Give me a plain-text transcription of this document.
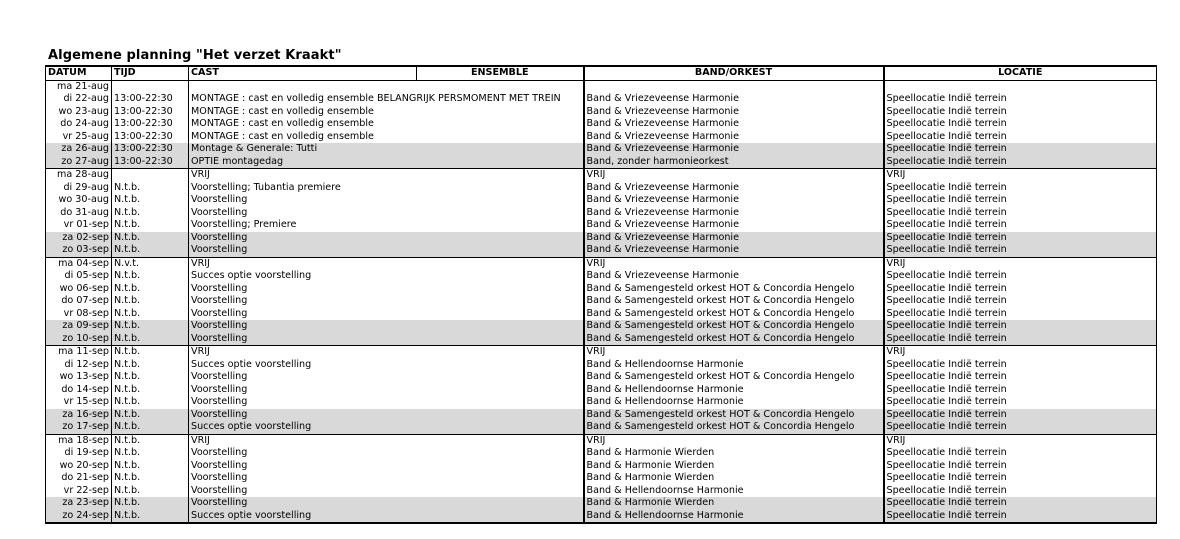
Algemene planning "Het verzet Kraakt"
DATUM	TIJD	CAST	ENSEMBLE	BAND/ORKEST	LOCATIE
ma 21-aug					
di 22-aug	13:00-22:30	MONTAGE : cast en volledig ensemble BELANGRIJK PERSMOMENT MET TREIN		Band & Vriezeveense Harmonie	Speellocatie Indië terrein
wo 23-aug	13:00-22:30	MONTAGE : cast en volledig ensemble		Band & Vriezeveense Harmonie	Speellocatie Indië terrein
do 24-aug	13:00-22:30	MONTAGE : cast en volledig ensemble		Band & Vriezeveense Harmonie	Speellocatie Indië terrein
vr 25-aug	13:00-22:30	MONTAGE : cast en volledig ensemble		Band & Vriezeveense Harmonie	Speellocatie Indië terrein
za 26-aug	13:00-22:30	Montage & Generale: Tutti		Band & Vriezeveense Harmonie	Speellocatie Indië terrein
zo 27-aug	13:00-22:30	OPTIE montagedag		Band, zonder harmonieorkest	Speellocatie Indië terrein
ma 28-aug		VRIJ		VRIJ	VRIJ
di 29-aug	N.t.b.	Voorstelling; Tubantia premiere		Band & Vriezeveense Harmonie	Speellocatie Indië terrein
wo 30-aug	N.t.b.	Voorstelling		Band & Vriezeveense Harmonie	Speellocatie Indië terrein
do 31-aug	N.t.b.	Voorstelling		Band & Vriezeveense Harmonie	Speellocatie Indië terrein
vr 01-sep	N.t.b.	Voorstelling; Premiere		Band & Vriezeveense Harmonie	Speellocatie Indië terrein
za 02-sep	N.t.b.	Voorstelling		Band & Vriezeveense Harmonie	Speellocatie Indië terrein
zo 03-sep	N.t.b.	Voorstelling		Band & Vriezeveense Harmonie	Speellocatie Indië terrein
ma 04-sep	N.v.t.	VRIJ		VRIJ	VRIJ
di 05-sep	N.t.b.	Succes optie voorstelling		Band & Vriezeveense Harmonie	Speellocatie Indië terrein
wo 06-sep	N.t.b.	Voorstelling		Band & Samengesteld orkest HOT & Concordia Hengelo	Speellocatie Indië terrein
do 07-sep	N.t.b.	Voorstelling		Band & Samengesteld orkest HOT & Concordia Hengelo	Speellocatie Indië terrein
vr 08-sep	N.t.b.	Voorstelling		Band & Samengesteld orkest HOT & Concordia Hengelo	Speellocatie Indië terrein
za 09-sep	N.t.b.	Voorstelling		Band & Samengesteld orkest HOT & Concordia Hengelo	Speellocatie Indië terrein
zo 10-sep	N.t.b.	Voorstelling		Band & Samengesteld orkest HOT & Concordia Hengelo	Speellocatie Indië terrein
ma 11-sep	N.t.b.	VRIJ		VRIJ	VRIJ
di 12-sep	N.t.b.	Succes optie voorstelling		Band & Hellendoornse Harmonie	Speellocatie Indië terrein
wo 13-sep	N.t.b.	Voorstelling		Band & Samengesteld orkest HOT & Concordia Hengelo	Speellocatie Indië terrein
do 14-sep	N.t.b.	Voorstelling		Band & Hellendoornse Harmonie	Speellocatie Indië terrein
vr 15-sep	N.t.b.	Voorstelling		Band & Hellendoornse Harmonie	Speellocatie Indië terrein
za 16-sep	N.t.b.	Voorstelling		Band & Samengesteld orkest HOT & Concordia Hengelo	Speellocatie Indië terrein
zo 17-sep	N.t.b.	Succes optie voorstelling		Band & Samengesteld orkest HOT & Concordia Hengelo	Speellocatie Indië terrein
ma 18-sep	N.t.b.	VRIJ		VRIJ	VRIJ
di 19-sep	N.t.b.	Voorstelling		Band & Harmonie Wierden	Speellocatie Indië terrein
wo 20-sep	N.t.b.	Voorstelling		Band & Harmonie Wierden	Speellocatie Indië terrein
do 21-sep	N.t.b.	Voorstelling		Band & Harmonie Wierden	Speellocatie Indië terrein
vr 22-sep	N.t.b.	Voorstelling		Band & Hellendoornse Harmonie	Speellocatie Indië terrein
za 23-sep	N.t.b.	Voorstelling		Band & Harmonie Wierden	Speellocatie Indië terrein
zo 24-sep	N.t.b.	Succes optie voorstelling		Band & Hellendoornse Harmonie	Speellocatie Indië terrein
